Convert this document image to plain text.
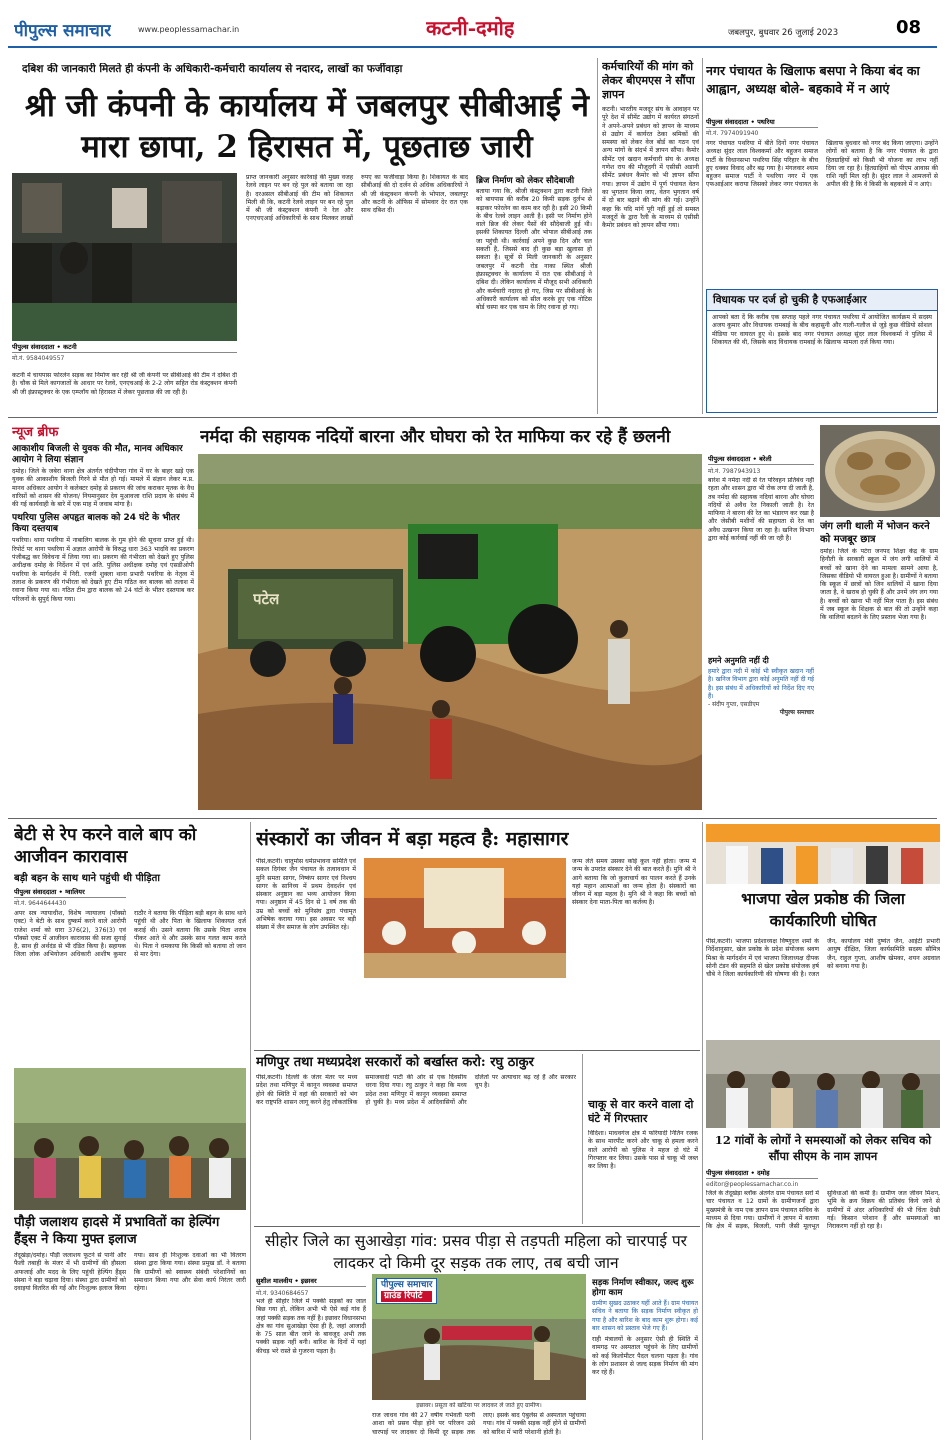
पीपुल्स समाचार	www.peoplessamachar.in	कटनी-दमोह	जबलपुर, बुधवार 26 जुलाई 2023	08
दबिश की जानकारी मिलते ही कंपनी के अधिकारी-कर्मचारी कार्यालय से नदारद, लाखों का फर्जीवाड़ा
श्री जी कंपनी के कार्यालय में जबलपुर सीबीआई ने मारा छापा, 2 हिरासत में, पूछताछ जारी
पीपुल्स संवाददाता • कटनी
मो.नं. 9584049557
कटनी में चायपास फोरलेन सड़क का निर्माण कर रही श्री जी कंपनी पर सीबीआई की टीम ने दबिश दी है। चौक से मिले कागजातों के आधार पर रेलवे, एनएचआई के 2-2 लोग सहित रोड कंस्ट्रक्शन कंपनी श्री जी इंफ्रास्ट्रक्चर के एक एम्प्लॉय को हिरासत में लेकर पूछताछ की जा रही है।
प्राप्त जानकारी अनुसार कार्रवाई की मुख्य वजह रेलवे लाइन पर बन रहे पुल को बताया जा रहा है। दरअसल सीबीआई की टीम को शिकायत मिली थी कि, कटनी रेलवे लाइन पर बन रहे पुल में श्री जी कंस्ट्रक्शन कंपनी ने रेल और एनएचएआई अधिकारियों के साथ मिलकर लाखों रुपए का फर्जीवाड़ा किया है। शिकायत के बाद सीबीआई की दो दर्जन से अधिक अधिकारियों ने श्री जी कंस्ट्रक्शन कंपनी के भोपाल, जबलपुर और कटनी के ऑफिस में सोमवार देर रात एक साथ दबिश दी।
ब्रिज निर्माण को लेकर सौदेबाजी
बताया गया कि, श्रीजी कंस्ट्रक्शन द्वारा कटनी जिले को बायपास की करीब 20 किमी सड़क दुर्लभ से बढ़ाकर फोरलेन का काम कर रही है। इसी 20 किमी के बीच रेलवे लाइन आती है। इसी पर निर्माण होने वाले ब्रिज की लेकर पैसों की सौदेबाजी हुई थी। इसकी शिकायत दिल्ली और भोपाल सीबीआई तक जा पहुंची थी। कार्रवाई अपने कुछ दिन और चल सकती है, जिससे बाद ही कुछ बड़ा खुलासा हो सकता है। सूत्रों से मिली जानकारी के अनुसार जबलपुर में कटनी रोड नाका स्थित श्रीजी इंफ्रास्ट्रक्चर के कार्यालय में रात एक सीबीआई ने दबिश दी। लेकिन कार्यालय में मौजूद सभी अधिकारी और कर्मचारी नदारद हो गए, जिस पर सीबीआई के अधिकारी कार्यालय को सील करके हुए एक नोटिस बोर्ड चस्पा कर एक घाम के लिए रवाना हो गए।
कर्मचारियों की मांग को लेकर बीएमएस ने सौंपा ज्ञापन
कटनी। भारतीय मजदूर संघ के आवाहन पर पूरे देश में सीमेंट उद्योग में कार्यरत संगठनों ने अपने-अपने प्रबंधन को ज्ञापन के माध्यम से उद्योग में कार्यरत ठेका श्रमिकों की समस्या को लेकर वेज बोर्ड का गठन एवं अन्य मांगों के संदर्भ में ज्ञापन सौंपा। कैमोर सीमेंट एवं खदान कर्मचारी संघ के अध्यक्ष गणेश राय की मौजूदगी में एसीसी अडानी सीमेंट प्रबंधन कैमोर को भी ज्ञापन सौंपा गया। ज्ञापन में उद्योग में पूर्ण पंचायत वेतन का भुगतान किया जाए, वेतन भुगतान वर्ष में दो बार बढ़ाने की मांग की गई। उन्होंने कहा कि यदि मांगें पूरी नहीं हुई तो समस्त मजदूरों के द्वारा रैली के माध्यम से एसीसी कैमोर प्रबंधन को ज्ञापन सौंपा गया।
नगर पंचायत के खिलाफ बसपा ने किया बंद का आह्वान, अध्यक्ष बोले- बहकावे में न आएं
पीपुल्स संवाददाता • पथरिया
मो.नं. 7974091940
नगर पंचायत पथरिया में बीते दिनों नगर पंचायत अध्यक्ष सुंदर लाल विश्वकर्मा और बहुजन समाज पार्टी के विधानसभा पथरिया सिंह परिहार के बीच हुए धक्का विवाद और बढ़ गया है। मंगलवार श्याम बहुजन समाज पार्टी ने पथरिया नगर में एक एफआईआर कराया जिसको लेकर नगर पंचायत के खिलाफ बुधवार को नगर बंद किया जाएगा। उन्होंने लोगों को बताया है कि नगर पंचायत के द्वारा हितग्राहियों को किसी भी योजना का लाभ नहीं दिया जा रहा है। हितग्राहियों को पीएम आवास की राशि नहीं मिल रही है। सुंदर लाल ने आमजनों से अपील की है कि वे किसी के बहकावे में न आएं।
विधायक पर दर्ज हो चुकी है एफआईआर
आपको बता दें कि करीब एक सप्ताह पहले नगर पंचायत पथरिया में आयोजित कार्यक्रम में सदस्य अजय कुमार और विधायक रामबाई के बीच कहासुनी और गाली-गलौज से जुड़े कुछ वीडियो सोशल मीडिया पर वायरल हुए थे। इसके बाद नगर पंचायत अध्यक्ष सुंदर लाल विश्वकर्मा ने पुलिस में शिकायत की थी, जिसके बाद विधायक रामबाई के खिलाफ मामला दर्ज किया गया।
न्यूज ब्रीफ
आकाशीय बिजली से युवक की मौत, मानव अधिकार आयोग ने लिया संज्ञान
दमोह। जिले के जबेरा थाना क्षेत्र अंतर्गत चंदीपौपरा गांव में घर के बाहर खड़े एक युवक की आकाशीय बिजली गिरने से मौत हो गई। मामले में संज्ञान लेकर म.प्र. मानव अधिकार आयोग ने कलेक्टर दमोह से प्रकरण की जांच कराकर मृतक के वैध वारिसों को शासन की योजना/ नियमानुसार देय मुआवजा राशि प्रदाय के संबंध में की गई कार्यवाही के बारे में एक माह में जवाब मांगा है।
पथरिया पुलिस अपहृत बालक को 24 घंटे के भीतर किया दस्तयाब
पथरिया। थाना पथरिया में नाबालिग बालक के गुम होने की सूचना प्राप्त हुई थी। रिपोर्ट पर थाना पथरिया में अज्ञात आरोपी के विरुद्ध धारा 363 भादवि का प्रकरण पंजीबद्ध कर विवेचना में लिया गया था। प्रकरण की गंभीरता को देखते हुए पुलिस अधीक्षक दमोह के निर्देशन में एवं अति. पुलिस अधीक्षक दमोह एवं एसडीओपी पथरिया के मार्गदर्शन में निरी. रजनी शुक्ला थाना प्रभारी पथरिया के नेतृत्व में तलाश के प्रकरण की गंभीरता को देखते हुए टीम गठित कर बालक को तलाश में रवाना किया गया था। गठित टीम द्वारा बालक को 24 घंटों के भीतर दस्तयाब कर परिजनों के सुपुर्द किया गया।
नर्मदा की सहायक नदियों बारना और घोघरा को रेत माफिया कर रहे हैं छलनी
पटेल
पीपुल्स संवाददाता • बरेली
मो.नं. 7987943913
बारेश में नर्मदा नदी से रेत परिवहन प्रतिबंध नहीं रहता और शासन द्वारा भी रोक लगा दी जाती है, तब नर्मदा की सहायक नदियां बारना और घोघरा नदियों से अवैध रेत निकाली जाती है। रेत माफिया ने बारना की रेत का भंडारण कर रखा है और जेसीबी मशीनों की सहायता से रेत का अवैध उत्खनन किया जा रहा है। खनिज विभाग द्वारा कोई कार्रवाई नहीं की जा रही है।
हमने अनुमति नहीं दी
हमारे द्वारा नदी में कोई भी स्वीकृत खदान नहीं है। खनिज विभाग द्वारा कोई अनुमति नहीं दी गई है। इस संबंध में अधिकारियों को निर्देश दिए गए हैं।
- संदीप गुप्ता, एसडीएम
पीपुल्स समाचार
जंग लगी थाली में भोजन करने को मजबूर छात्र
दमोह। जिले के पटेरा जनपद शिक्षा केंद्र के ग्राम हिनौती के सरकारी स्कूल में जंग लगी थालियों में बच्चों को खाना देने का मामला सामने आया है, जिसका वीडियो भी वायरल हुआ है। ग्रामीणों ने बताया कि स्कूल में छात्रों को जिन थालियों में खाना दिया जाता है, वे खराब हो चुकी हैं और उनमें जंग लग गया है। बच्चों को खाना भी नहीं मिल पाता है। इस संबंध में जब स्कूल के शिक्षक से बात की तो उन्होंने कहा कि थालियां बदलने के लिए प्रस्ताव भेजा गया है।
बेटी से रेप करने वाले बाप को आजीवन कारावास
बड़ी बहन के साथ थाने पहुंची थी पीड़िता
पीपुल्स संवाददाता • ग्वालियर
मो.नं. 9644644430
अपर सत्र न्यायाधीश, विशेष न्यायालय (पॉक्सो एक्ट) ने बेटी के साथ दुष्कर्म करने वाले आरोपी राजेश शर्मा को धारा 376(2), 376(3) एवं पॉक्सो एक्ट में आजीवन कारावास की सजा सुनाई है, साथ ही अर्थदंड से भी दंडित किया है। सहायक जिला लोक अभियोजन अधिकारी आशीष कुमार राठौर ने बताया कि पीड़िता बड़ी बहन के साथ थाने पहुंची थी और पिता के खिलाफ शिकायत दर्ज कराई थी। उसने बताया कि उसके पिता शराब पीकर आते थे और उसके साथ गलत काम करते थे। पिता ने धमकाया कि किसी को बताया तो जान से मार देगा।
पौड़ी जलाशय हादसे में प्रभावितों का हेल्पिंग हैंड्स ने किया मुफ्त इलाज
तेंदूखेड़ा/दमोह। पौड़ी जलाशय फूटने से पानी और फैली तबाही के मंजर में भी ग्रामीणों की हौसला अफजाई और मदद के लिए पहुंची हेल्पिंग हैंड्स संस्था ने बड़ा चढ़ावा दिया। संस्था द्वारा ग्रामीणों को दवाइयां वितरित की गईं और निःशुल्क इलाज किया गया। साथ ही निःशुल्क दवाओं का भी वितरण संस्था द्वारा किया गया। संस्था प्रमुख डॉ. ने बताया कि ग्रामीणों को स्वास्थ्य संबंधी परेशानियों का समाधान किया गया और सेवा कार्य निरंतर जारी रहेगा।
संस्कारों का जीवन में बड़ा महत्व है: महासागर
पीसं,कटनी। चातुर्मास धर्मप्रभावना समिति एवं सकल दिगंबर जैन पंचायत के तत्वावधान में मुनि समता सागर, निष्कंप सागर एवं निश्चय सागर के सानिध्य में प्रथम देवदर्शन एवं संस्कार अनुष्ठान का भव्य आयोजन किया गया। अनुष्ठान में 45 दिन से 1 वर्ष तक की उम्र को बच्चों को मुनिसंघ द्वारा पंचामृत अभिषेक कराया गया। इस अवसर पर बड़ी संख्या में जैन समाज के लोग उपस्थित रहे।
जन्म लेते समय उसका कोई कुल नहीं होता। जन्म में जन्म के उपरांत संस्कार देने की बात करते हैं। मुनि श्री ने आगे बताया कि जो कुलाचार्य का पालन करते हैं उनके यहां महान आत्माओं का जन्म होता है। संस्कारों का जीवन में बड़ा महत्व है। मुनि श्री ने कहा कि बच्चों को संस्कार देना माता-पिता का कर्तव्य है।
मणिपुर तथा मध्यप्रदेश सरकारों को बर्खास्त करो: रघु ठाकुर
पीसं,कटनी। दिल्ली के जंतर मंतर पर मध्य प्रदेश तथा मणिपुर में कानून व्यवस्था समाप्त होने की स्थिति में वहां की सरकारों को भंग कर राष्ट्रपति शासन लागू करने हेतु लोकतांत्रिक समाजवादी पार्टी की ओर से एक दिवसीय धरना दिया गया। रघु ठाकुर ने कहा कि मध्य प्रदेश तथा मणिपुर में कानून व्यवस्था समाप्त हो चुकी है। मध्य प्रदेश में आदिवासियों और दलितों पर अत्याचार बढ़ रहे हैं और सरकार चुप है।
चाकू से वार करने वाला दो घंटे में गिरफ्तार
विदिशा। माधवगंज क्षेत्र में फरियादी नितिन रजक के साथ मारपीट करने और चाकू से हमला करने वाले आरोपी को पुलिस ने महज दो घंटे में गिरफ्तार कर लिया। उसके पास से चाकू भी जब्त कर लिया है।
भाजपा खेल प्रकोष्ठ की जिला कार्यकारिणी घोषित
पीसं,कटनी। भाजपा प्रदेशाध्यक्ष विष्णुदत्त शर्मा के निर्देशानुसार, खेल प्रकोष्ठ के प्रदेश संयोजक श्रवण मिश्रा के मार्गदर्शन में एवं भाजपा जिलाध्यक्ष दीपक सोनी टंडन की सहमति से खेल प्रकोष्ठ संयोजक हर्ष चौबे ने जिला कार्यकारिणी की घोषणा की है। रजत जैन, कार्यालय मंत्री दुष्यंत जैन, आईटी प्रभारी आयुष दीक्षित, जिला कार्यसमिति सदस्य सौमित्र जैन, राहुल गुप्ता, आशीष खेमका, शयन अग्रवाल को बनाया गया है।
12 गांवों के लोगों ने समस्याओं को लेकर सचिव को सौंपा सीएम के नाम ज्ञापन
पीपुल्स संवाददाता • दमोह
editor@peoplessamachar.co.in
जिले के तेंदूखेड़ा ब्लॉक अंतर्गत ग्राम पंचायत सरों में चार पंचायत व 12 ग्रामों के ग्रामीणजनों द्वारा मुख्यमंत्री के नाम एक ज्ञापन ग्राम पंचायत सचिव के माध्यम से दिया गया। ग्रामीणों ने ज्ञापन में बताया कि क्षेत्र में सड़क, बिजली, पानी जैसी मूलभूत सुविधाओं की कमी है। ग्रामीण जल जीवन मिशन, भूमि के क्रय विक्रय की प्रतिबंध किये जाने से ग्रामीणों में अंदर अधिकारियों की भी चिंता देखी गई। किसान परेशान हैं और समस्याओं का निराकरण नहीं हो रहा है।
सीहोर जिले का सुआखेड़ा गांव: प्रसव पीड़ा से तड़पती महिला को चारपाई पर लादकर दो किमी दूर सड़क तक लाए, तब बची जान
सुशील मालवीय • इछावर
मो.नं. 9340684657
भले ही सीहोर जिले में पक्की सड़कों का जाल बिछ गया हो, लेकिन अभी भी ऐसे कई गांव हैं जहां पक्की सड़क तक नहीं है। इछावर विधानसभा क्षेत्र का गांव सुआखेड़ा ऐसा ही है, जहां आजादी के 75 साल बीत जाने के बावजूद अभी तक पक्की सड़क नहीं बनी। बारिश के दिनों में यहां कीचड़ भरे रास्ते से गुजरना पड़ता है।
पीपुल्स समाचार
ग्राउंड रिपोर्ट
इछावर। प्रसूता को खटिया पर लादकर ले जाते हुए ग्रामीण।
राज जाधव गांव की 27 वर्षीय गर्भवती पत्नी आशा को प्रसव पीड़ा होने पर परिजन उसे चारपाई पर लादकर दो किमी दूर सड़क तक लाए। इसके बाद एंबुलेंस से अस्पताल पहुंचाया गया। गांव में पक्की सड़क नहीं होने से ग्रामीणों को बारिश में भारी परेशानी होती है।
सड़क निर्माण स्वीकार, जल्द शुरू होगा काम
ग्रामीण सुखद उठाकर यहीं आते हैं। ग्राम पंचायत सचिव ने बताया कि सड़क निर्माण स्वीकृत हो गया है और बारिश के बाद काम शुरू होगा। कई बार शासन को प्रस्ताव भेजे गए हैं।
राही मंत्रालयों के अनुसार ऐसी ही स्थिति में वामगढ़ पर अस्पताल पहुंचने के लिए ग्रामीणों को कई किलोमीटर पैदल चलना पड़ता है। गांव के लोग प्रशासन से जल्द सड़क निर्माण की मांग कर रहे हैं।
